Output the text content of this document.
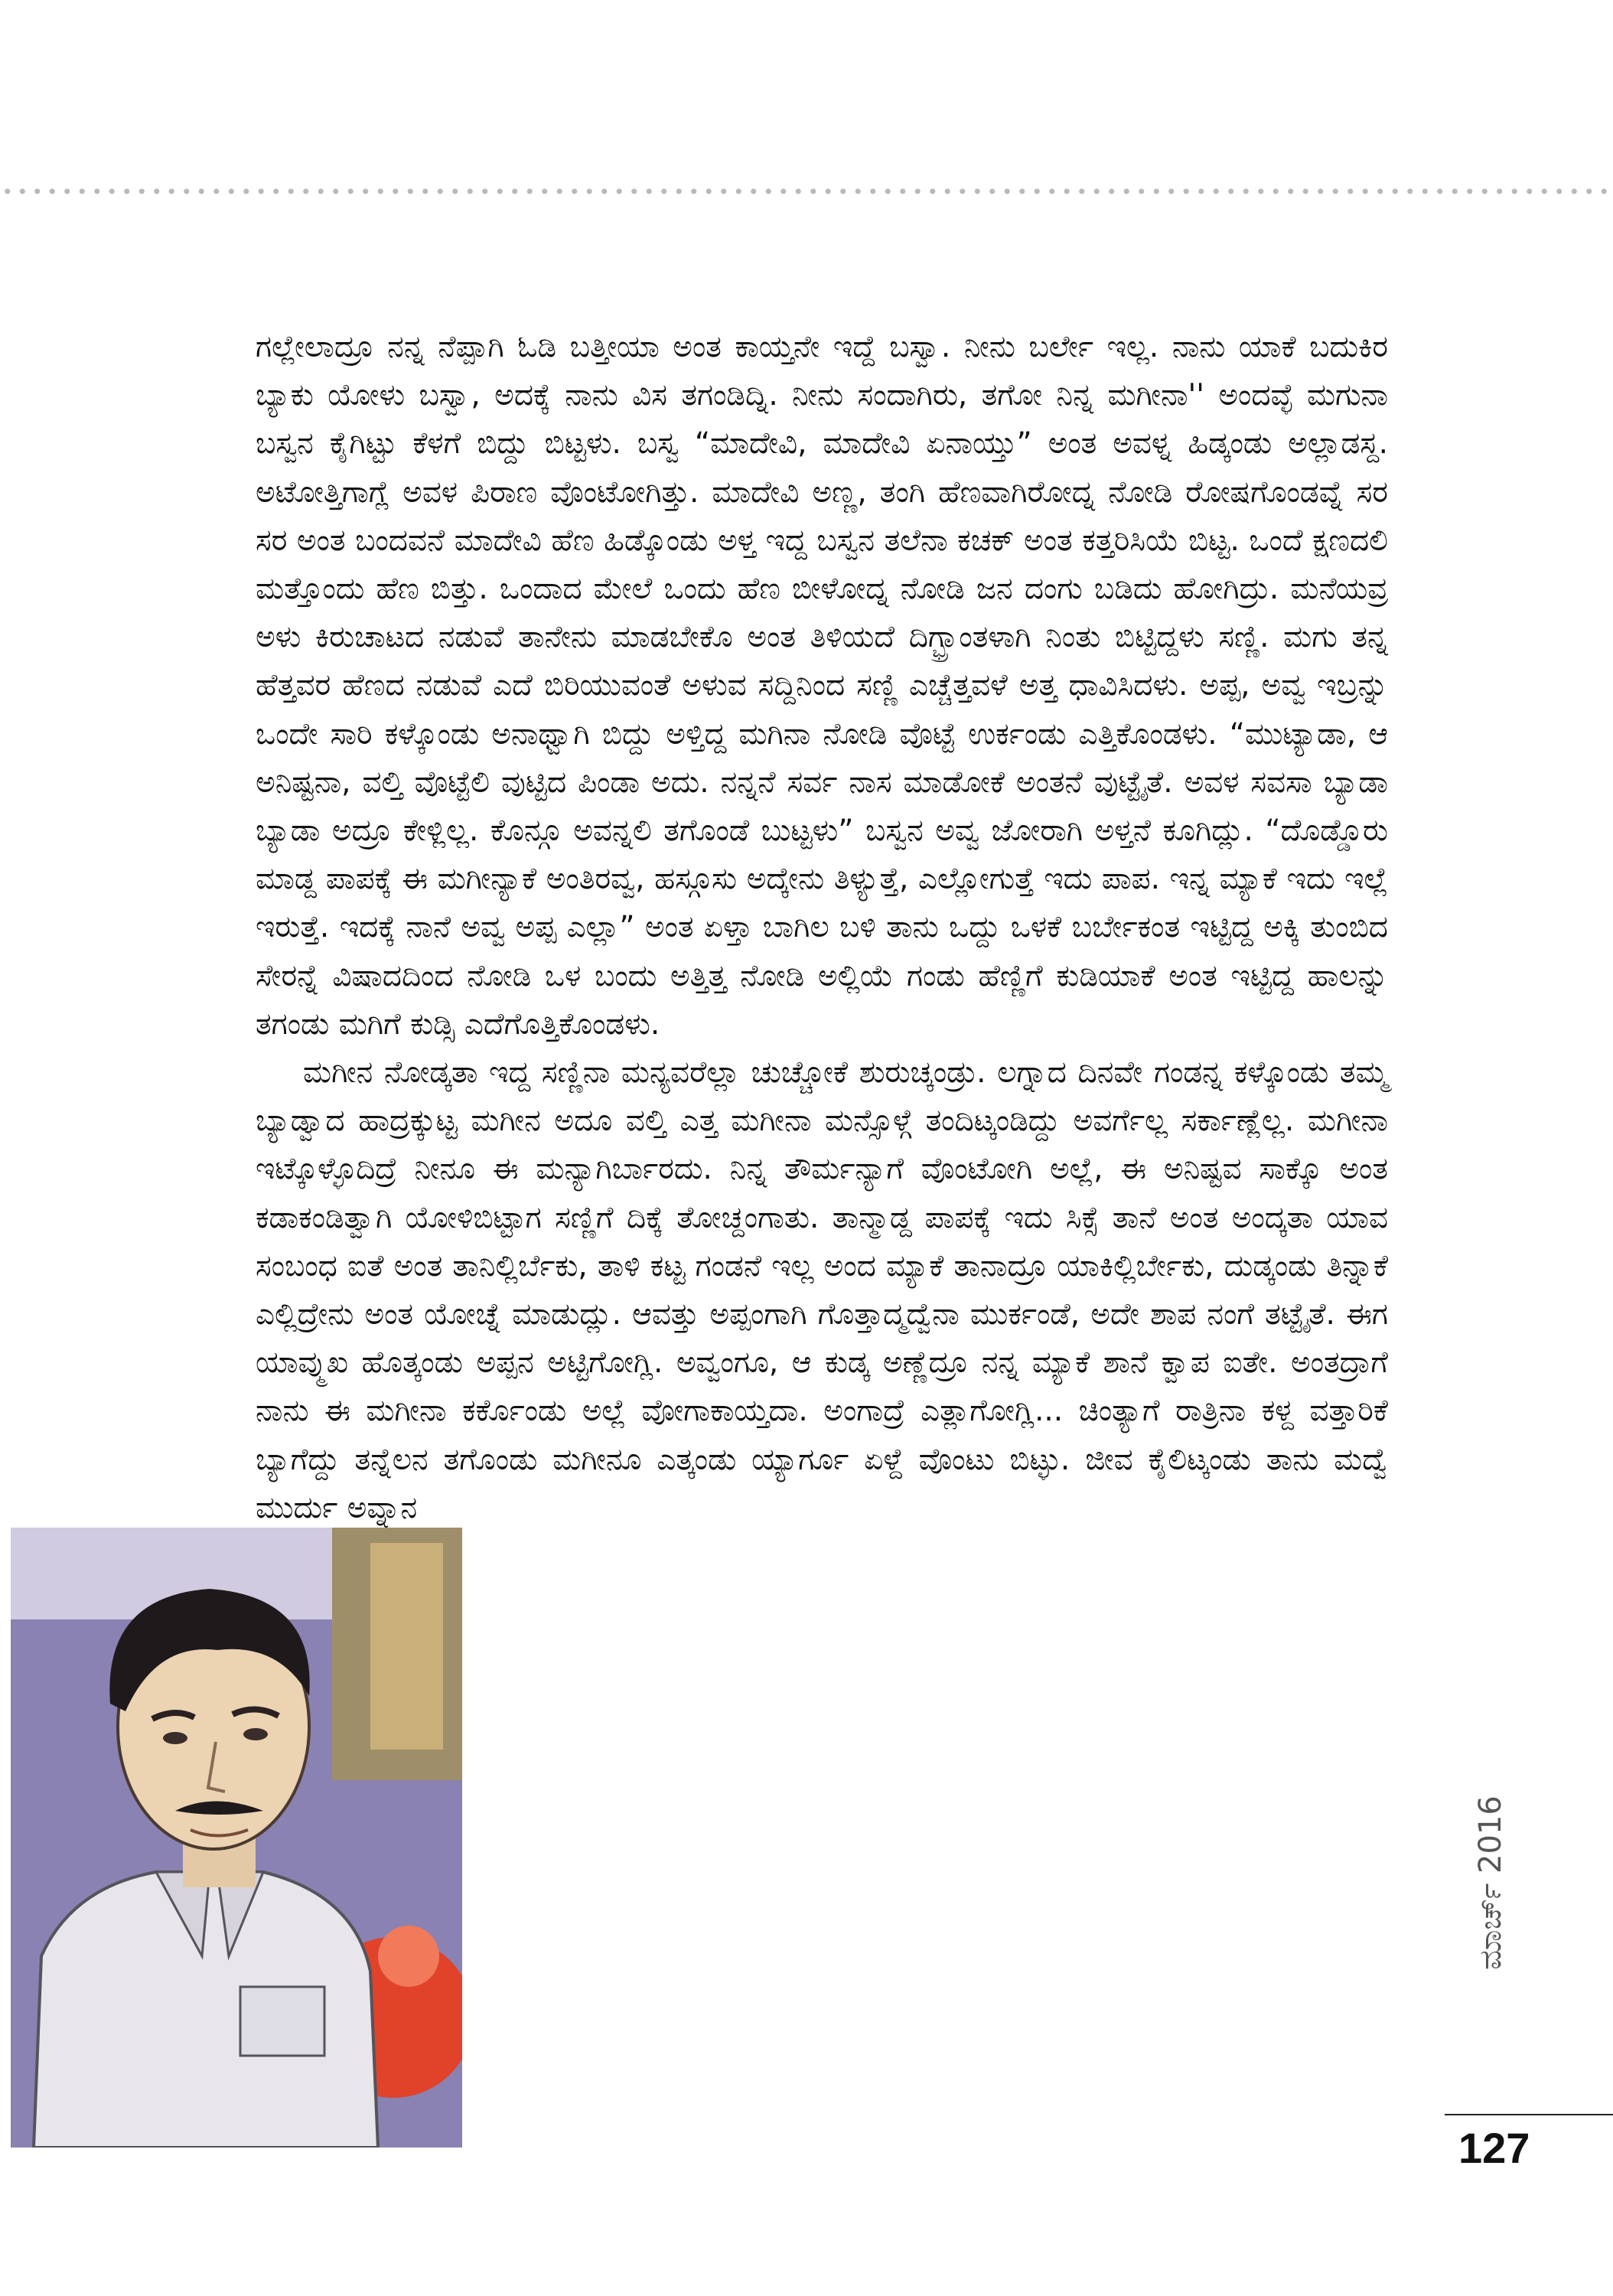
ಗಲ್ಲೇಲಾದ್ರೂ ನನ್ನ ನೆಪ್ಪಾಗಿ ಓಡಿ ಬತ್ತೀಯಾ ಅಂತ ಕಾಯ್ತನೇ ಇದ್ದೆ ಬಸ್ವಾ. ನೀನು ಬರ್ಲೇ ಇಲ್ಲ. ನಾನು ಯಾಕೆ ಬದುಕಿರ ಬ್ಯಾಕು ಯೋಳು ಬಸ್ವಾ, ಅದಕ್ಕೆ ನಾನು ವಿಸ ತಗಂಡಿದ್ನಿ. ನೀನು ಸಂದಾಗಿರು, ತಗೋ ನಿನ್ನ ಮಗೀನಾ'' ಅಂದವ್ಳೆ ಮಗುನಾ ಬಸ್ವನ ಕೈಗಿಟ್ಟು ಕೆಳಗೆ ಬಿದ್ದು ಬಿಟ್ಟಳು. ಬಸ್ವ “ಮಾದೇವಿ, ಮಾದೇವಿ ಏನಾಯ್ತು” ಅಂತ ಅವಳ್ನ ಹಿಡ್ಕಂಡು ಅಲ್ಲಾಡಸ್ದ. ಅಟೋತ್ತಿಗಾಗ್ಲೆ ಅವಳ ಪಿರಾಣ ವೊಂಟೋಗಿತ್ತು. ಮಾದೇವಿ ಅಣ್ಣ, ತಂಗಿ ಹೆಣವಾಗಿರೋದ್ನ ನೋಡಿ ರೋಷಗೊಂಡವ್ನೆ ಸರ ಸರ ಅಂತ ಬಂದವನೆ ಮಾದೇವಿ ಹೆಣ ಹಿಡ್ಕೊಂಡು ಅಳ್ತ ಇದ್ದ ಬಸ್ವನ ತಲೆನಾ ಕಚಕ್ ಅಂತ ಕತ್ತರಿಸಿಯೆ ಬಿಟ್ಟ. ಒಂದೆ ಕ್ಷಣದಲಿ ಮತ್ತೊಂದು ಹೆಣ ಬಿತ್ತು. ಒಂದಾದ ಮೇಲೆ ಒಂದು ಹೆಣ ಬೀಳೋದ್ನ ನೋಡಿ ಜನ ದಂಗು ಬಡಿದು ಹೋಗಿದ್ರು. ಮನೆಯವ್ರ ಅಳು ಕಿರುಚಾಟದ ನಡುವೆ ತಾನೇನು ಮಾಡಬೇಕೊ ಅಂತ ತಿಳಿಯದೆ ದಿಗ್ಭ್ರಾಂತಳಾಗಿ ನಿಂತು ಬಿಟ್ಟಿದ್ದಳು ಸಣ್ಣಿ. ಮಗು ತನ್ನ ಹೆತ್ತವರ ಹೆಣದ ನಡುವೆ ಎದೆ ಬಿರಿಯುವಂತೆ ಅಳುವ ಸದ್ದಿನಿಂದ ಸಣ್ಣಿ ಎಚ್ಚೆತ್ತವಳೆ ಅತ್ತ ಧಾವಿಸಿದಳು. ಅಪ್ಪ, ಅವ್ವ ಇಬ್ರನ್ನು ಒಂದೇ ಸಾರಿ ಕಳ್ಕೊಂಡು ಅನಾಥ್ವಾಗಿ ಬಿದ್ದು ಅಳ್ತಿದ್ದ ಮಗಿನಾ ನೋಡಿ ವೊಟ್ಟೆ ಉರ್ಕಂಡು ಎತ್ತಿಕೊಂಡಳು. “ಮುಟ್ಯಾಡಾ, ಆ ಅನಿಷ್ಟನಾ, ವಲ್ತಿ ವೊಟ್ಟೆಲಿ ವುಟ್ಟಿದ ಪಿಂಡಾ ಅದು. ನನ್ನನೆ ಸರ್ವ ನಾಸ ಮಾಡೋಕೆ ಅಂತನೆ ವುಟ್ಟೈತೆ. ಅವಳ ಸವಸಾ ಬ್ಯಾಡಾ ಬ್ಯಾಡಾ ಅದ್ರೂ ಕೇಳ್ಲಿಲ್ಲ. ಕೊನ್ಗೂ ಅವನ್ನಲಿ ತಗೊಂಡೆ ಬುಟ್ಟಳು” ಬಸ್ವನ ಅವ್ವ ಜೋರಾಗಿ ಅಳ್ತನೆ ಕೂಗಿದ್ಲು. “ದೊಡ್ಡೊರು ಮಾಡ್ದ ಪಾಪಕ್ಕೆ ಈ ಮಗೀನ್ಯಾಕೆ ಅಂತಿರವ್ವ, ಹಸ್ಗೂಸು ಅದ್ಕೇನು ತಿಳ್ಯುತ್ತೆ, ಎಲ್ಲೋಗುತ್ತೆ ಇದು ಪಾಪ. ಇನ್ನ ಮ್ಯಾಕೆ ಇದು ಇಲ್ಲೆ ಇರುತ್ತೆ. ಇದಕ್ಕೆ ನಾನೆ ಅವ್ವ ಅಪ್ಪ ಎಲ್ಲಾ” ಅಂತ ಏಳ್ತಾ ಬಾಗಿಲ ಬಳಿ ತಾನು ಒದ್ದು ಒಳಕೆ ಬರ್ಬೇಕಂತ ಇಟ್ಟಿದ್ದ ಅಕ್ಕಿ ತುಂಬಿದ ಸೇರನ್ನೆ ವಿಷಾದದಿಂದ ನೋಡಿ ಒಳ ಬಂದು ಅತ್ತಿತ್ತ ನೋಡಿ ಅಲ್ಲಿಯೆ ಗಂಡು ಹೆಣ್ಣಿಗೆ ಕುಡಿಯಾಕೆ ಅಂತ ಇಟ್ಟಿದ್ದ ಹಾಲನ್ನು ತಗಂಡು ಮಗಿಗೆ ಕುಡ್ಸಿ ಎದೆಗೊತ್ತಿಕೊಂಡಳು.

ಮಗೀನ ನೋಡ್ಕತಾ ಇದ್ದ ಸಣ್ಣಿನಾ ಮನ್ಯವರೆಲ್ಲಾ ಚುಚ್ಚೋಕೆ ಶುರುಚ್ಕಂಡ್ರು. ಲಗ್ನಾದ ದಿನವೇ ಗಂಡನ್ನ ಕಳ್ಕೊಂಡು ತಮ್ಮ ಬ್ಯಾಡ್ವಾದ ಹಾದ್ರಕ್ಕುಟ್ಟ ಮಗೀನ ಅದೂ ವಲ್ತಿ ಎತ್ತ ಮಗೀನಾ ಮನ್ಸೊಳ್ಗೆ ತಂದಿಟ್ಕಂಡಿದ್ದು ಅವರ್ಗೆಲ್ಲ ಸರ್ಕಾಣ್ಲೆಲ್ಲ. ಮಗೀನಾ ಇಟ್ಕೊಳ್ಳೊದಿದ್ರೆ ನೀನೂ ಈ ಮನ್ಯಾಗಿರ್ಬಾರದು. ನಿನ್ನ ತೌರ್ಮನ್ಯಾಗೆ ವೊಂಟೋಗಿ ಅಲ್ಲೆ, ಈ ಅನಿಷ್ಟವ ಸಾಕ್ಕೊ ಅಂತ ಕಡಾಕಂಡಿತ್ವಾಗಿ ಯೋಳಿಬಿಟ್ಟಾಗ ಸಣ್ಣಿಗೆ ದಿಕ್ಕೆ ತೋಚ್ದಂಗಾತು. ತಾನ್ಮಾಡ್ದ ಪಾಪಕ್ಕೆ ಇದು ಸಿಕ್ಸೆ ತಾನೆ ಅಂತ ಅಂದ್ಕತಾ ಯಾವ ಸಂಬಂಧ ಐತೆ ಅಂತ ತಾನಿಲ್ಲಿರ್ಬೆಕು, ತಾಳಿ ಕಟ್ಟ ಗಂಡನೆ ಇಲ್ಲ ಅಂದ ಮ್ಯಾಕೆ ತಾನಾದ್ರೂ ಯಾಕಿಲ್ಲಿರ್ಬೇಕು, ದುಡ್ಕಂಡು ತಿನ್ನಾಕೆ ಎಲ್ಲಿದ್ರೇನು ಅಂತ ಯೋಚ್ನೆ ಮಾಡುದ್ಲು. ಆವತ್ತು ಅಪ್ಪಂಗಾಗಿ ಗೊತ್ತಾದ್ಮದ್ವೆನಾ ಮುರ್ಕಂಡೆ, ಅದೇ ಶಾಪ ನಂಗೆ ತಟ್ಟೈತೆ. ಈಗ ಯಾವ್ಮುಖ ಹೊತ್ಕಂಡು ಅಪ್ಪನ ಅಟ್ಟಿಗೋಗ್ಲಿ. ಅವ್ವಂಗೂ, ಆ ಕುಡ್ಕ ಅಣ್ಣೆದ್ರೂ ನನ್ನ ಮ್ಯಾಕೆ ಶಾನೆ ಕ್ವಾಪ ಐತೇ. ಅಂತದ್ರಾಗೆ ನಾನು ಈ ಮಗೀನಾ ಕರ್ಕೊಂಡು ಅಲ್ಲೆ ವೋಗಾಕಾಯ್ತದಾ. ಅಂಗಾದ್ರೆ ಎತ್ಲಾಗೋಗ್ಲಿ... ಚಿಂತ್ಯಾಗೆ ರಾತ್ರಿನಾ ಕಳ್ದ ವತ್ತಾರಿಕೆ ಬ್ಯಾಗೆದ್ದು ತನ್ನೆಲನ ತಗೊಂಡು ಮಗೀನೂ ಎತ್ಕಂಡು ಯ್ಯಾರ್ಗೂ ಏಳ್ದೆ ವೊಂಟು ಬಿಟ್ಳು. ಜೀವ ಕೈಲಿಟ್ಕಂಡು ತಾನು ಮದ್ವೆ ಮುರ್ದು ಅವ್ನಾನ

ಮಾರ್ಚ್ 2016
127
